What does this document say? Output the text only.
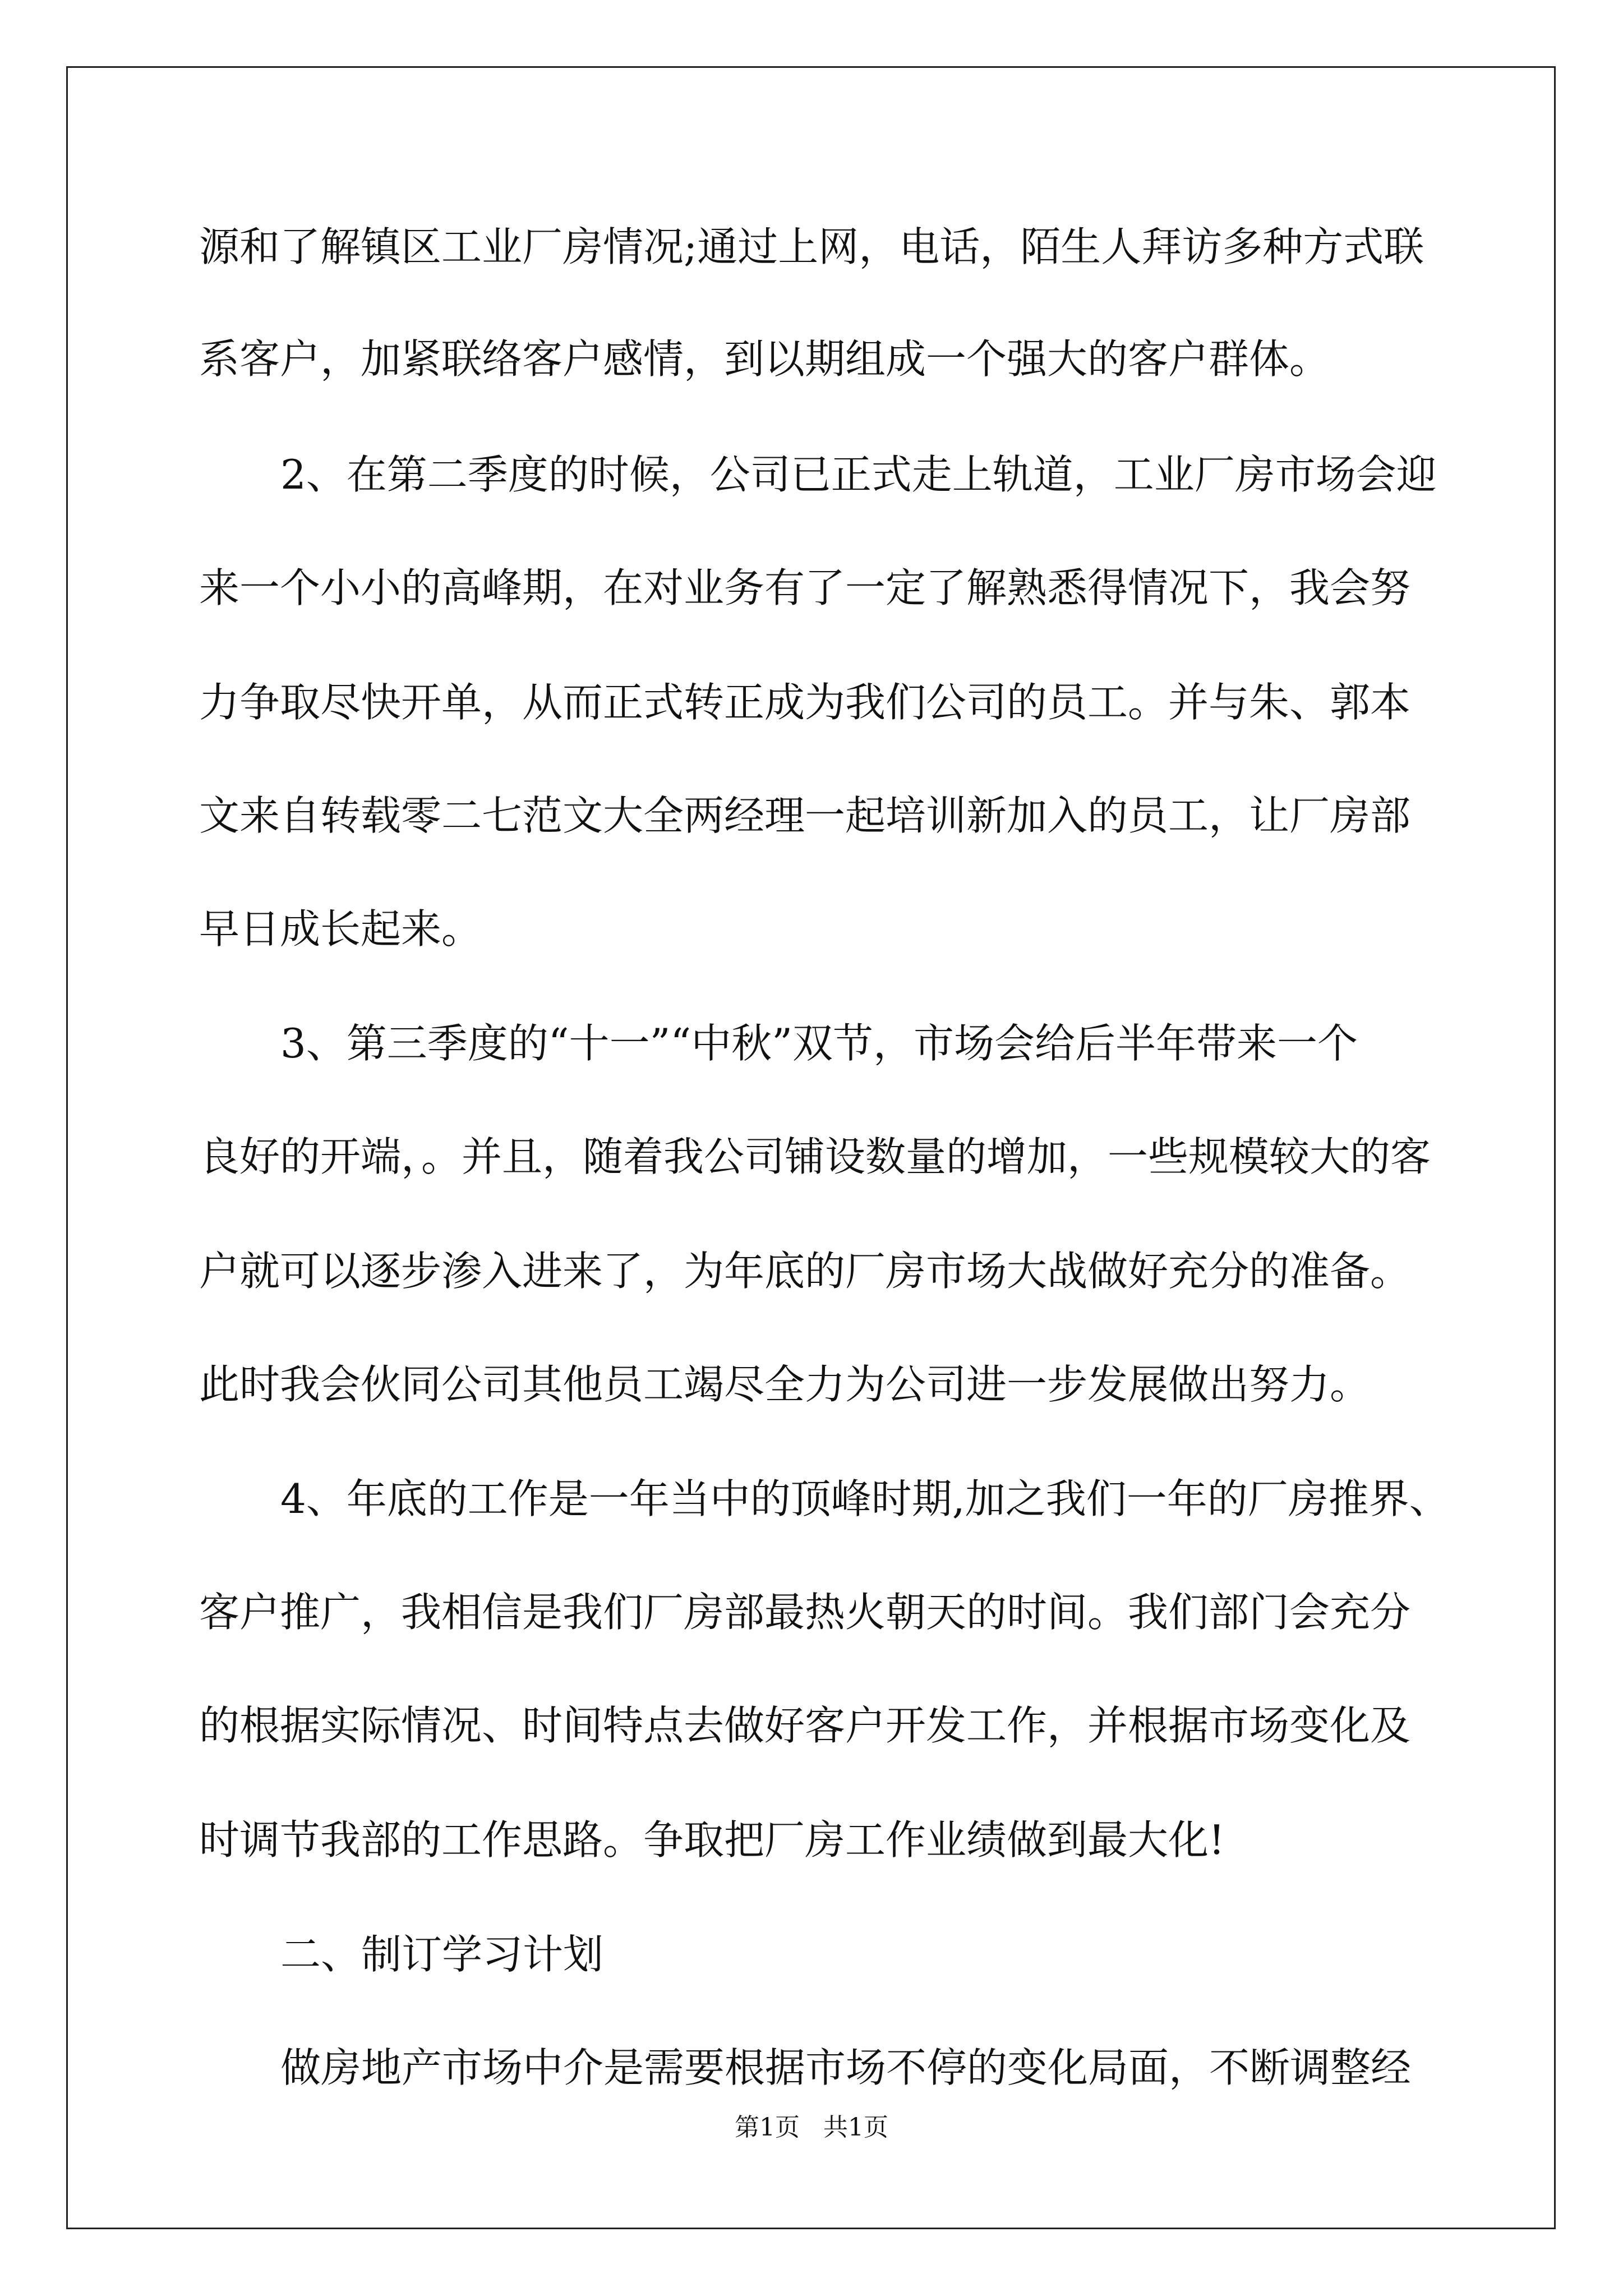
源和了解镇区工业厂房情况;通过上网，电话，陌生人拜访多种方式联
系客户，加紧联络客户感情，到以期组成一个强大的客户群体。
2、在第二季度的时候，公司已正式走上轨道，工业厂房市场会迎
来一个小小的高峰期，在对业务有了一定了解熟悉得情况下，我会努
力争取尽快开单，从而正式转正成为我们公司的员工。并与朱、郭本
文来自转载零二七范文大全两经理一起培训新加入的员工，让厂房部
早日成长起来。
3、第三季度的“十一”“中秋”双节，市场会给后半年带来一个
良好的开端，。并且，随着我公司铺设数量的增加，一些规模较大的客
户就可以逐步渗入进来了，为年底的厂房市场大战做好充分的准备。
此时我会伙同公司其他员工竭尽全力为公司进一步发展做出努力。
4、年底的工作是一年当中的顶峰时期,加之我们一年的厂房推界、
客户推广，我相信是我们厂房部最热火朝天的时间。我们部门会充分
的根据实际情况、时间特点去做好客户开发工作，并根据市场变化及
时调节我部的工作思路。争取把厂房工作业绩做到最大化!
二、制订学习计划
做房地产市场中介是需要根据市场不停的变化局面，不断调整经
第1页   共1页
